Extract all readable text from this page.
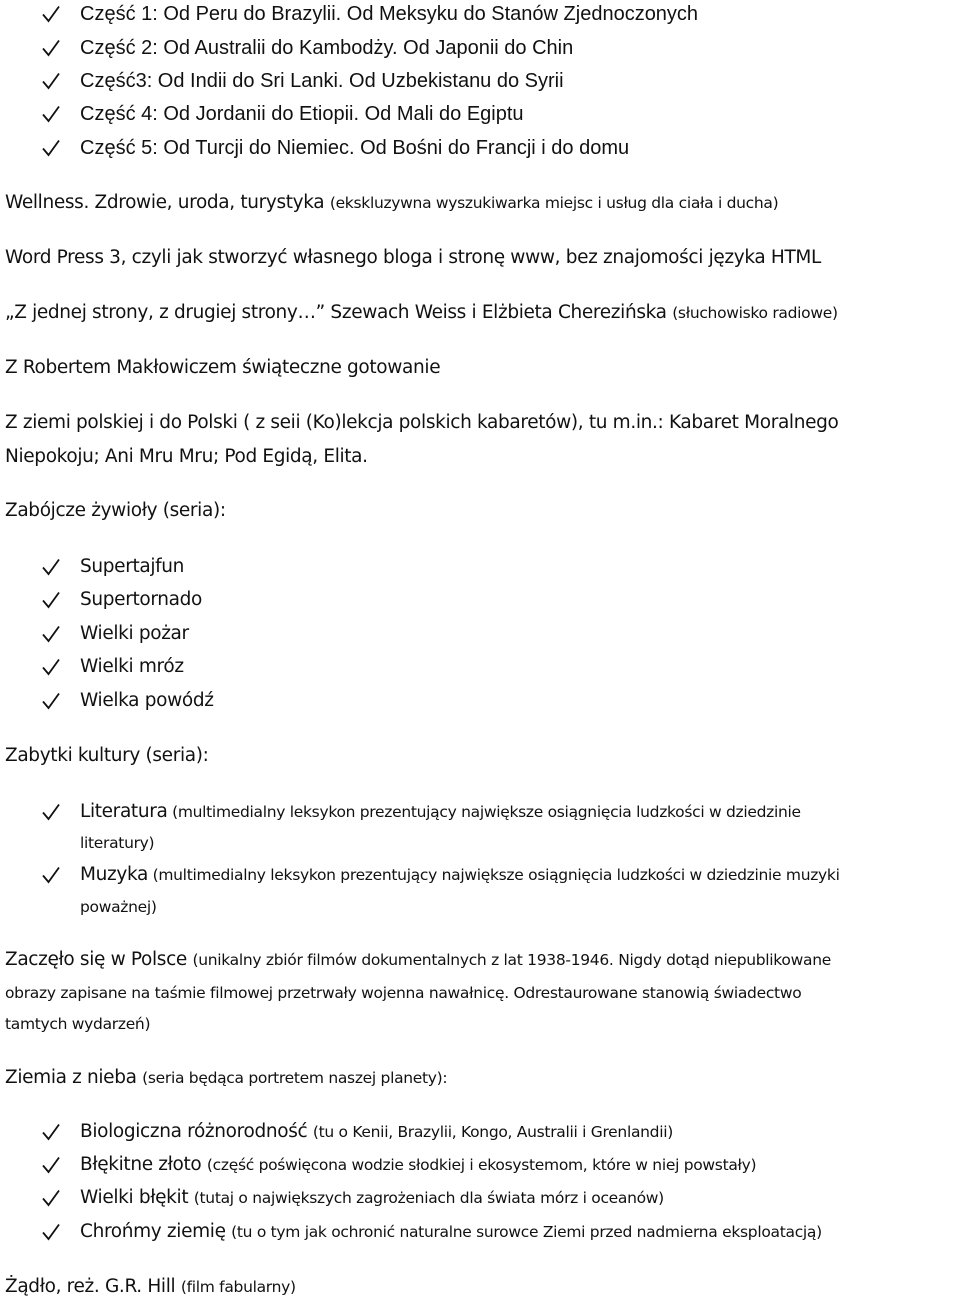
Część 1: Od Peru do Brazylii. Od Meksyku do Stanów Zjednoczonych
Część 2: Od Australii do Kambodży. Od Japonii do Chin
Część3: Od Indii do Sri Lanki. Od Uzbekistanu do Syrii
Część 4: Od Jordanii do Etiopii. Od Mali do Egiptu
Część 5: Od Turcji do Niemiec. Od Bośni do Francji i do domu
Wellness. Zdrowie, uroda, turystyka (ekskluzywna wyszukiwarka miejsc i usług dla ciała i ducha)
Word Press 3, czyli jak stworzyć własnego bloga i stronę www, bez znajomości języka HTML
„Z jednej strony, z drugiej strony…” Szewach Weiss i Elżbieta Cherezińska (słuchowisko radiowe)
Z Robertem Makłowiczem świąteczne gotowanie
Z ziemi polskiej i do Polski ( z seii (Ko)lekcja polskich kabaretów), tu m.in.: Kabaret Moralnego
Niepokoju; Ani Mru Mru; Pod Egidą, Elita.
Zabójcze żywioły (seria):
Supertajfun
Supertornado
Wielki pożar
Wielki mróz
Wielka powódź
Zabytki kultury (seria):
Literatura (multimedialny leksykon prezentujący największe osiągnięcia ludzkości w dziedzinie
literatury)
Muzyka (multimedialny leksykon prezentujący największe osiągnięcia ludzkości w dziedzinie muzyki
poważnej)
Zaczęło się w Polsce (unikalny zbiór filmów dokumentalnych z lat 1938-1946. Nigdy dotąd niepublikowane
obrazy zapisane na taśmie filmowej przetrwały wojenna nawałnicę. Odrestaurowane stanowią świadectwo
tamtych wydarzeń)
Ziemia z nieba (seria będąca portretem naszej planety):
Biologiczna różnorodność (tu o Kenii, Brazylii, Kongo, Australii i Grenlandii)
Błękitne złoto (część poświęcona wodzie słodkiej i ekosystemom, które w niej powstały)
Wielki błękit (tutaj o największych zagrożeniach dla świata mórz i oceanów)
Chrońmy ziemię (tu o tym jak ochronić naturalne surowce Ziemi przed nadmierna eksploatacją)
Żądło, reż. G.R. Hill (film fabularny)
